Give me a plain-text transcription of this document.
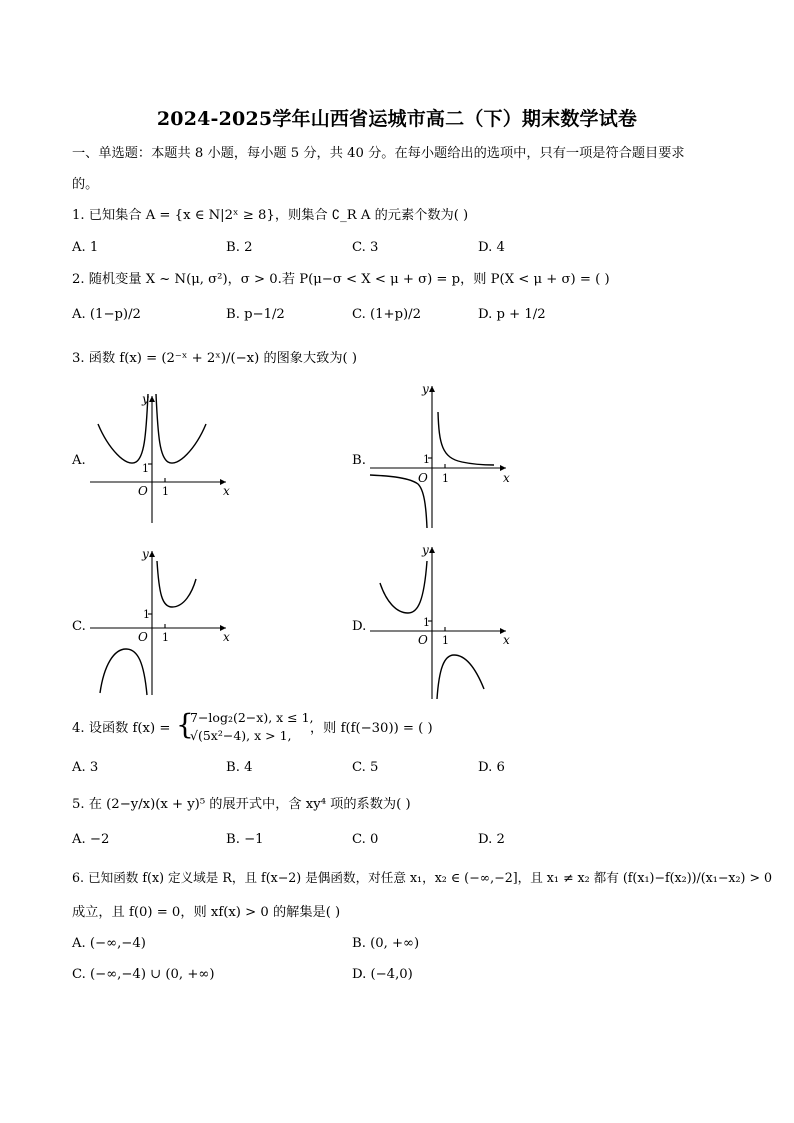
2024-2025学年山西省运城市高二（下）期末数学试卷
一、单选题：本题共 8 小题，每小题 5 分，共 40 分。在每小题给出的选项中，只有一项是符合题目要求
的。
1. 已知集合 A = {x ∈ N|2ˣ ≥ 8}，则集合 ∁_R A 的元素个数为( )
A. 1	B. 2	C. 3	D. 4
2. 随机变量 X ~ N(μ, σ²)，σ > 0.若 P(μ−σ < X < μ + σ) = p，则 P(X < μ + σ) = ( )
A. (1−p)/2	B. p−1/2	C. (1+p)/2	D. p + 1/2
3. 函数 f(x) = (2⁻ˣ + 2ˣ)/(−x) 的图象大致为( )
A.
y
1
O 1	x
B.
y
1
O 1	x
C.
y
1
O 1	x
D.
y
1
O 1	x
4. 设函数 f(x) = {
7−log₂(2−x), x ≤ 1,
√(5x²−4), x > 1, ，则 f(f(−30)) = ( )
A. 3	B. 4	C. 5	D. 6
5. 在 (2−y/x)(x + y)⁵ 的展开式中，含 xy⁴ 项的系数为( )
A. −2	B. −1	C. 0	D. 2
6. 已知函数 f(x) 定义域是 R，且 f(x−2) 是偶函数，对任意 x₁，x₂ ∈ (−∞,−2]，且 x₁ ≠ x₂ 都有 (f(x₁)−f(x₂))/(x₁−x₂) > 0
成立，且 f(0) = 0，则 xf(x) > 0 的解集是( )
A. (−∞,−4)	B. (0, +∞)
C. (−∞,−4) ∪ (0, +∞)	D. (−4,0)
